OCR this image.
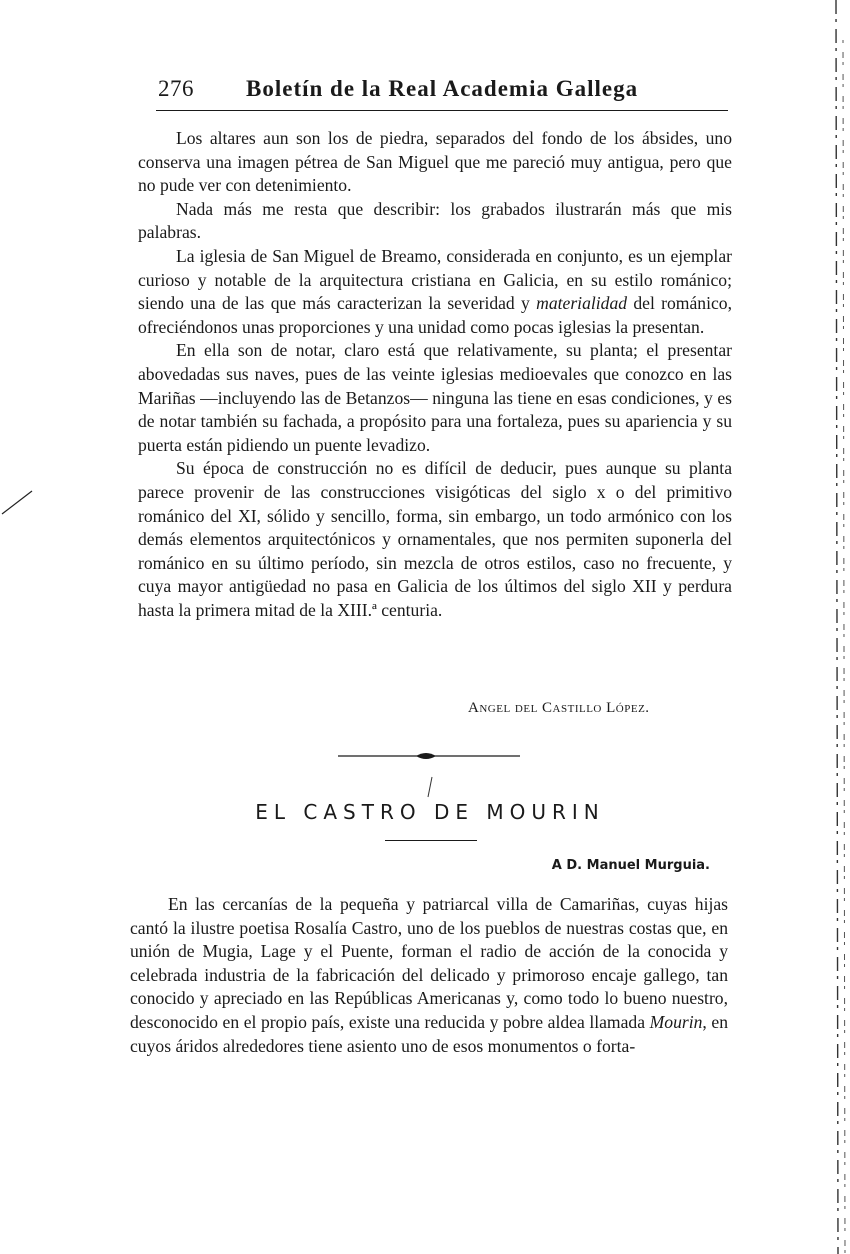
276	Boletín de la Real Academia Gallega

Los altares aun son los de piedra, separados del fondo de los ábsides, uno conserva una imagen pétrea de San Miguel que me pareció muy antigua, pero que no pude ver con detenimiento.

Nada más me resta que describir: los grabados ilustrarán más que mis palabras.

La iglesia de San Miguel de Breamo, considerada en conjunto, es un ejemplar curioso y notable de la arquitectura cristiana en Galicia, en su estilo románico; siendo una de las que más caracterizan la severidad y materialidad del románico, ofreciéndonos unas proporciones y una unidad como pocas iglesias la presentan.

En ella son de notar, claro está que relativamente, su planta; el presentar abovedadas sus naves, pues de las veinte iglesias medioevales que conozco en las Mariñas —incluyendo las de Betanzos— ninguna las tiene en esas condiciones, y es de notar también su fachada, a propósito para una fortaleza, pues su apariencia y su puerta están pidiendo un puente levadizo.

Su época de construcción no es difícil de deducir, pues aunque su planta parece provenir de las construcciones visigóticas del siglo x o del primitivo románico del XI, sólido y sencillo, forma, sin embargo, un todo armónico con los demás elementos arquitectónicos y ornamentales, que nos permiten suponerla del románico en su último período, sin mezcla de otros estilos, caso no frecuente, y cuya mayor antigüedad no pasa en Galicia de los últimos del siglo XII y perdura hasta la primera mitad de la XIII.ª centuria.

Angel del Castillo López.
EL CASTRO DE MOURIN
A D. Manuel Murguia.

En las cercanías de la pequeña y patriarcal villa de Camariñas, cuyas hijas cantó la ilustre poetisa Rosalía Castro, uno de los pueblos de nuestras costas que, en unión de Mugia, Lage y el Puente, forman el radio de acción de la conocida y celebrada industria de la fabricación del delicado y primoroso encaje gallego, tan conocido y apreciado en las Repúblicas Americanas y, como todo lo bueno nuestro, desconocido en el propio país, existe una reducida y pobre aldea llamada Mourin, en cuyos áridos alrededores tiene asiento uno de esos monumentos o forta-
